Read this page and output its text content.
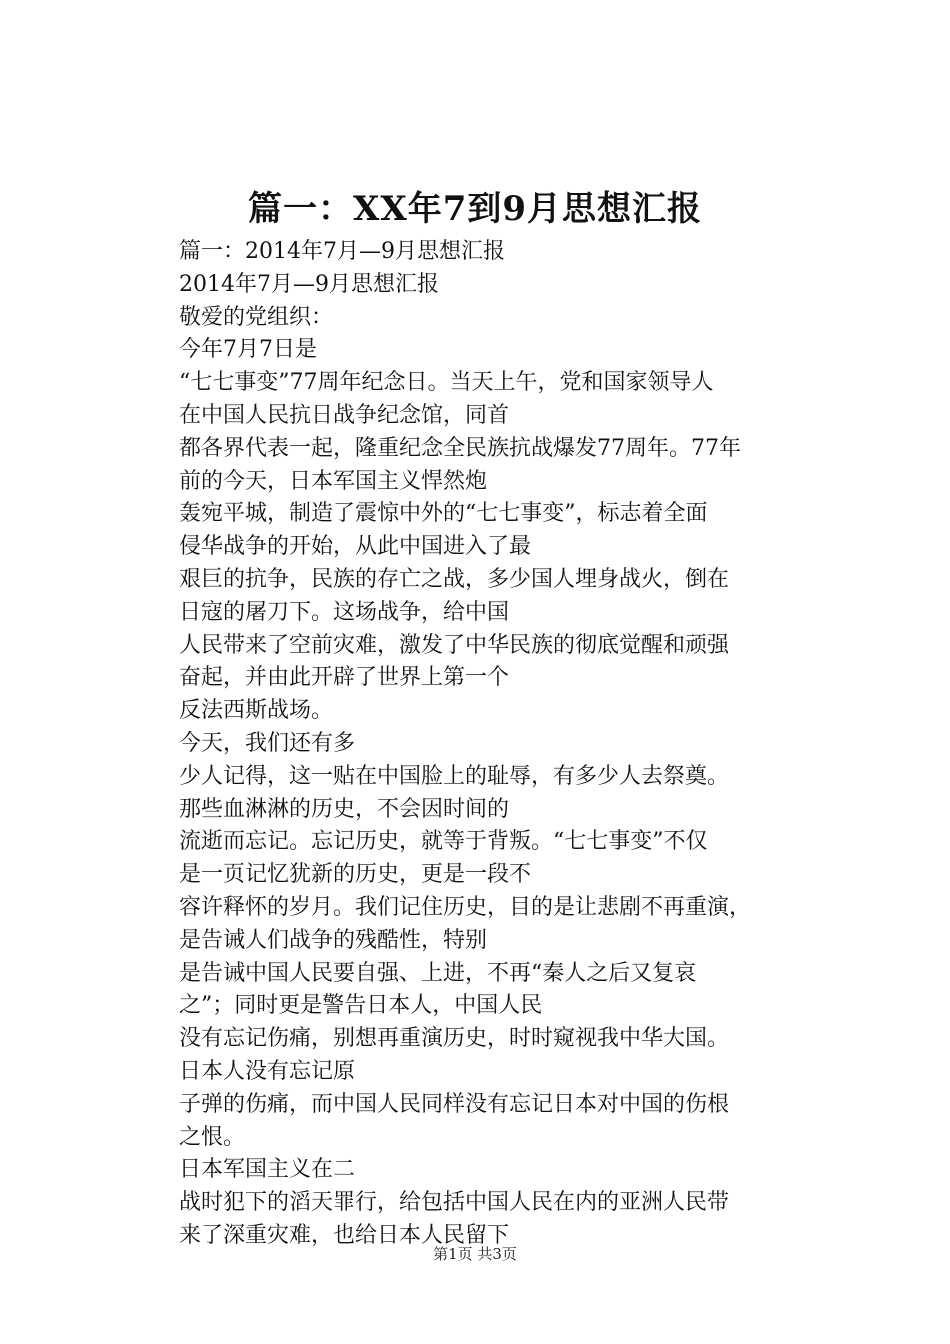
篇一：XX年7到9月思想汇报

篇一：2014年7月—9月思想汇报

2014年7月—9月思想汇报

敬爱的党组织：

今年7月7日是

“七七事变”77周年纪念日。当天上午，党和国家领导人
在中国人民抗日战争纪念馆，同首

都各界代表一起，隆重纪念全民族抗战爆发77周年。77年
前的今天，日本军国主义悍然炮

轰宛平城，制造了震惊中外的“七七事变”，标志着全面
侵华战争的开始，从此中国进入了最

艰巨的抗争，民族的存亡之战，多少国人埋身战火，倒在
日寇的屠刀下。这场战争，给中国

人民带来了空前灾难，激发了中华民族的彻底觉醒和顽强
奋起，并由此开辟了世界上第一个

反法西斯战场。

今天，我们还有多

少人记得，这一贴在中国脸上的耻辱，有多少人去祭奠。
那些血淋淋的历史，不会因时间的

流逝而忘记。忘记历史，就等于背叛。“七七事变”不仅
是一页记忆犹新的历史，更是一段不

容许释怀的岁月。我们记住历史，目的是让悲剧不再重演，
是告诫人们战争的残酷性，特别

是告诫中国人民要自强、上进，不再“秦人之后又复哀
之”；同时更是警告日本人，中国人民

没有忘记伤痛，别想再重演历史，时时窥视我中华大国。

日本人没有忘记原

子弹的伤痛，而中国人民同样没有忘记日本对中国的伤根
之恨。

日本军国主义在二

战时犯下的滔天罪行，给包括中国人民在内的亚洲人民带
来了深重灾难，也给日本人民留下

第1页 共3页
